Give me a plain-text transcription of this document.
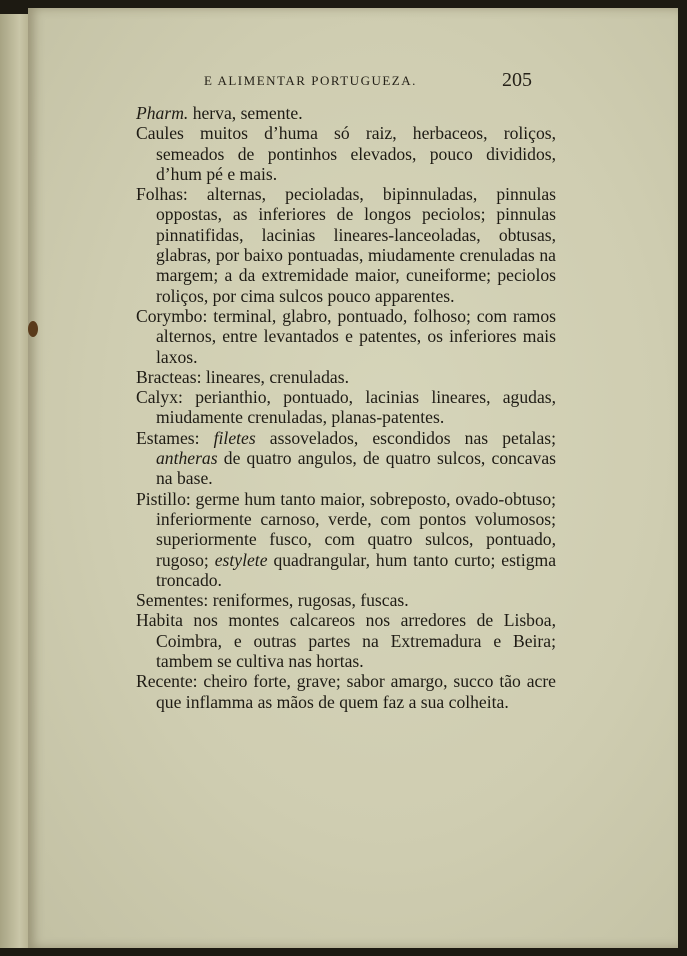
E ALIMENTAR PORTUGUEZA.	205
Pharm. herva, semente.
Caules muitos d’huma só raiz, herbaceos, roliços, semeados de pontinhos elevados, pouco divididos, d’hum pé e mais.
Folhas: alternas, pecioladas, bipinnuladas, pinnulas oppostas, as inferiores de longos peciolos; pinnulas pinnatifidas, lacinias lineares-lanceoladas, obtusas, glabras, por baixo pontuadas, miudamente crenuladas na margem; a da extremidade maior, cuneiforme; peciolos roliços, por cima sulcos pouco apparentes.
Corymbo: terminal, glabro, pontuado, folhoso; com ramos alternos, entre levantados e patentes, os inferiores mais laxos.
Bracteas: lineares, crenuladas.
Calyx: perianthio, pontuado, lacinias lineares, agudas, miudamente crenuladas, planas-patentes.
Estames: filetes assovelados, escondidos nas petalas; antheras de quatro angulos, de quatro sulcos, concavas na base.
Pistillo: germe hum tanto maior, sobreposto, ovado-obtuso; inferiormente carnoso, verde, com pontos volumosos; superiormente fusco, com quatro sulcos, pontuado, rugoso; estylete quadrangular, hum tanto curto; estigma troncado.
Sementes: reniformes, rugosas, fuscas.
Habita nos montes calcareos nos arredores de Lisboa, Coimbra, e outras partes na Extremadura e Beira; tambem se cultiva nas hortas.
Recente: cheiro forte, grave; sabor amargo, succo tão acre que inflamma as mãos de quem faz a sua colheita.
